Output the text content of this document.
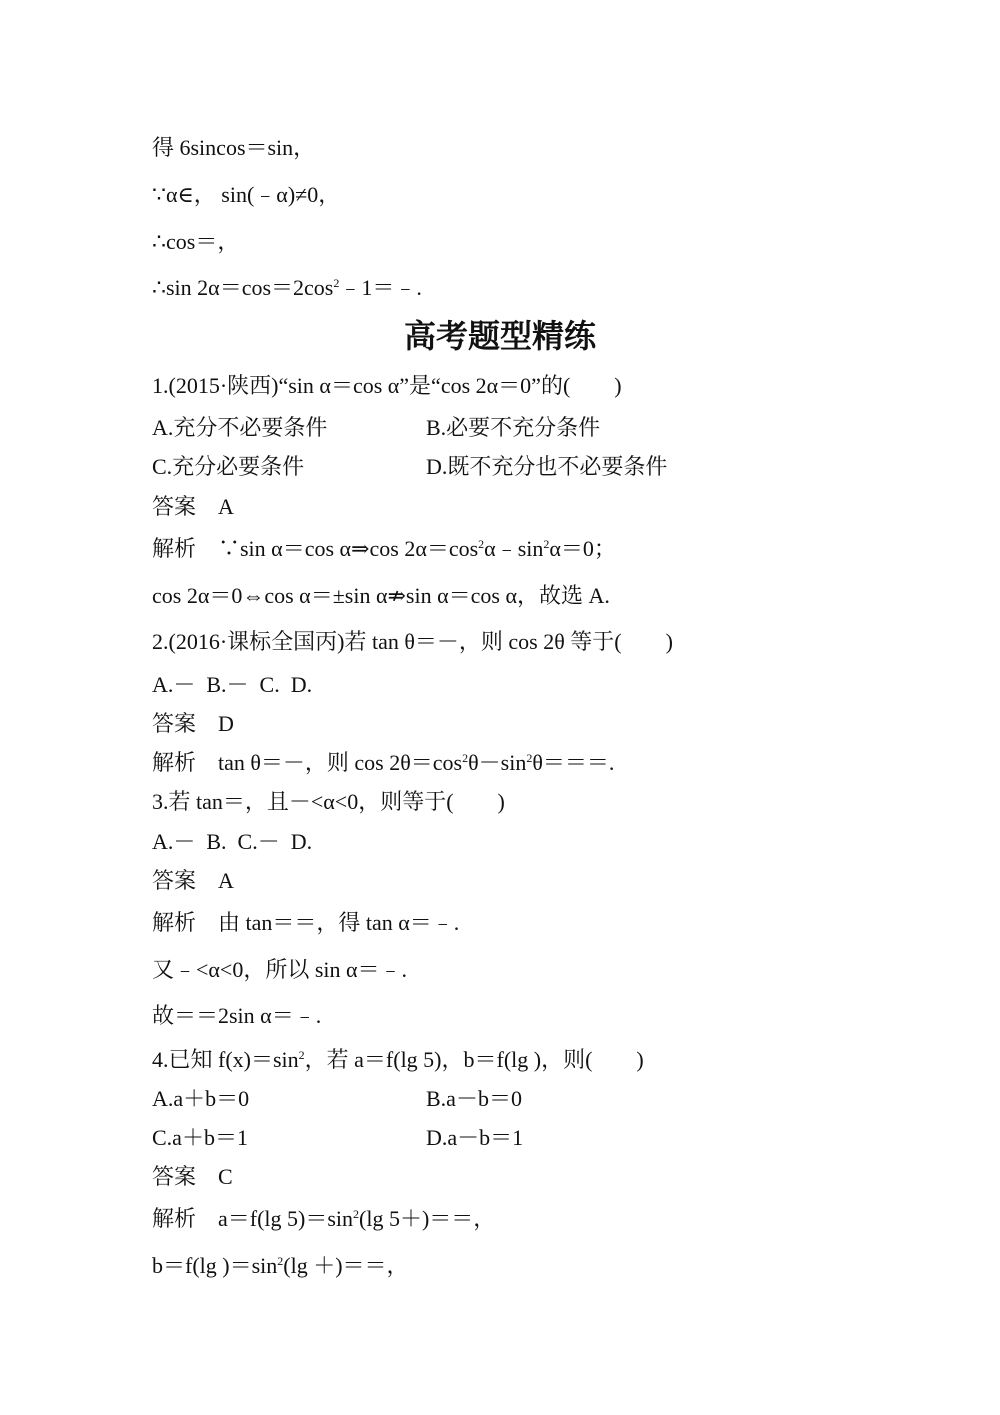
得 6sincos＝sin，
∵α∈， sin(﹣α)≠0，
∴cos＝，
∴sin $2\alpha=\cos=2\cos^2﹣1=﹣$.
高考题型精练
1.(2015·陕西)“sin α＝cos α”是“cos 2α＝0”的(　　)
A.充分不必要条件	B.必要不充分条件
C.充分必要条件	D.既不充分也不必要条件
答案　A
解析　∵sin α＝cos α⇒cos $2\alpha=\cos^2\alpha﹣\sin^2\alpha=0$；
cos 2α＝0⇔cos α＝±sin α⇏sin α＝cos α，故选 A.
2.(2016·课标全国丙)若 tan θ＝－，则 cos 2θ 等于(　　)
A.－  B.－  C.  D.
答案　D
解析　tan θ＝－，则 $\cos 2\theta=\cos^2\theta-\sin^2\theta===$.
3.若 tan＝，且－<α<0，则等于(　　)
A.－  B.  C.－  D.
答案　A
解析　由 tan＝＝，得 tan α＝﹣.
又﹣<α<0，所以 sin α＝﹣.
故＝＝2sin α＝﹣.
4.已知 $f(x)=\sin^2$，若 a＝f(lg 5)，b＝f(lg )，则(　　)
A.a＋b＝0	B.a－b＝0
C.a＋b＝1	D.a－b＝1
答案　C
解析　a＝f(lg $5)=\sin^2(\lg$ 5＋)＝＝，
b＝f(lg )$=\sin^2(\lg$ ＋)＝＝，
